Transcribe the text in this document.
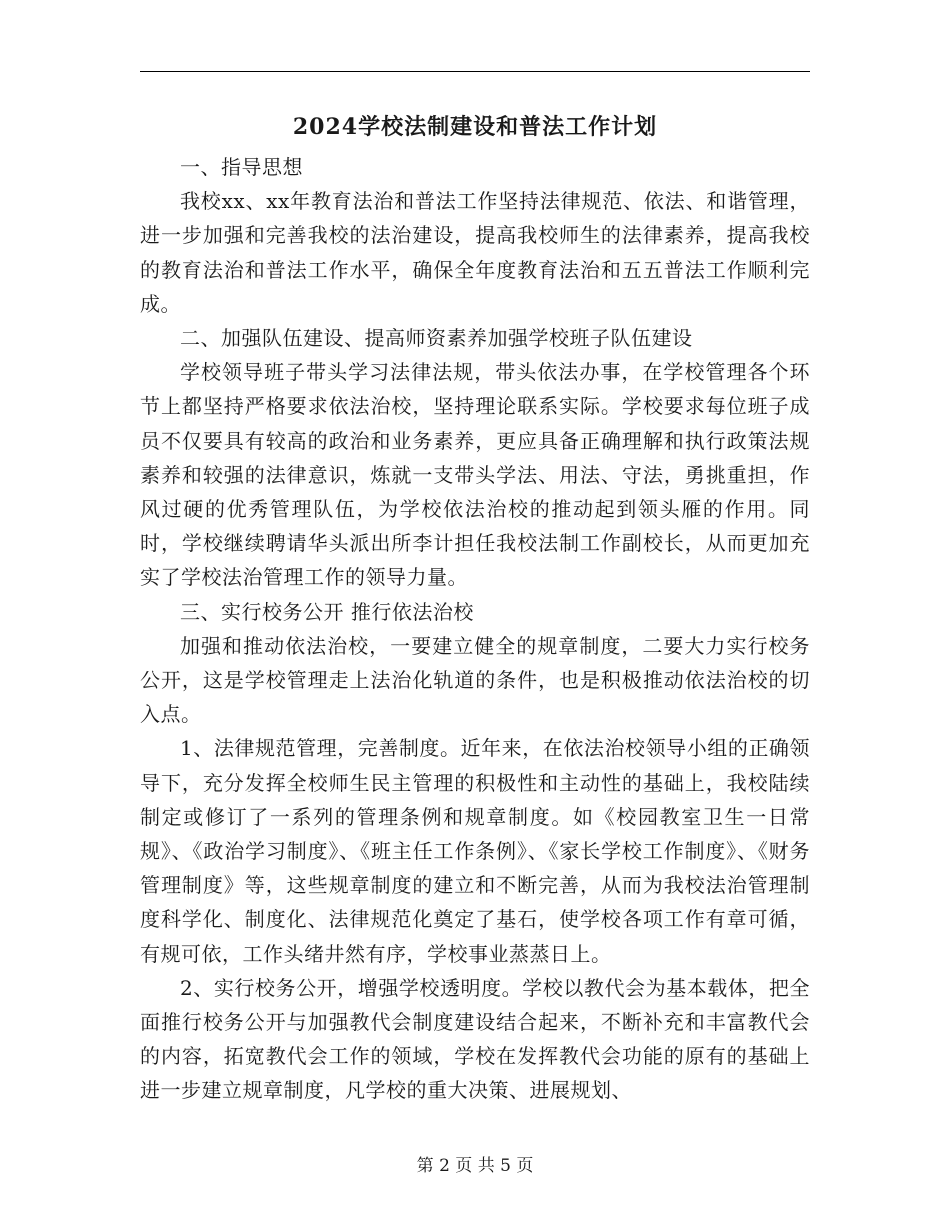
2024学校法制建设和普法工作计划

一、指导思想

我校xx、xx年教育法治和普法工作坚持法律规范、依法、和谐管理，进一步加强和完善我校的法治建设，提高我校师生的法律素养，提高我校的教育法治和普法工作水平，确保全年度教育法治和五五普法工作顺利完成。

二、加强队伍建设、提高师资素养加强学校班子队伍建设

学校领导班子带头学习法律法规，带头依法办事，在学校管理各个环节上都坚持严格要求依法治校，坚持理论联系实际。学校要求每位班子成员不仅要具有较高的政治和业务素养，更应具备正确理解和执行政策法规素养和较强的法律意识，炼就一支带头学法、用法、守法，勇挑重担，作风过硬的优秀管理队伍，为学校依法治校的推动起到领头雁的作用。同时，学校继续聘请华头派出所李计担任我校法制工作副校长，从而更加充实了学校法治管理工作的领导力量。

三、实行校务公开 推行依法治校

加强和推动依法治校，一要建立健全的规章制度，二要大力实行校务公开，这是学校管理走上法治化轨道的条件，也是积极推动依法治校的切入点。

1、法律规范管理，完善制度。近年来，在依法治校领导小组的正确领导下，充分发挥全校师生民主管理的积极性和主动性的基础上，我校陆续制定或修订了一系列的管理条例和规章制度。如《校园教室卫生一日常规》、《政治学习制度》、《班主任工作条例》、《家长学校工作制度》、《财务管理制度》等，这些规章制度的建立和不断完善，从而为我校法治管理制度科学化、制度化、法律规范化奠定了基石，使学校各项工作有章可循，有规可依，工作头绪井然有序，学校事业蒸蒸日上。

2、实行校务公开，增强学校透明度。学校以教代会为基本载体，把全面推行校务公开与加强教代会制度建设结合起来，不断补充和丰富教代会的内容，拓宽教代会工作的领域，学校在发挥教代会功能的原有的基础上进一步建立规章制度，凡学校的重大决策、进展规划、

第 2 页 共 5 页
